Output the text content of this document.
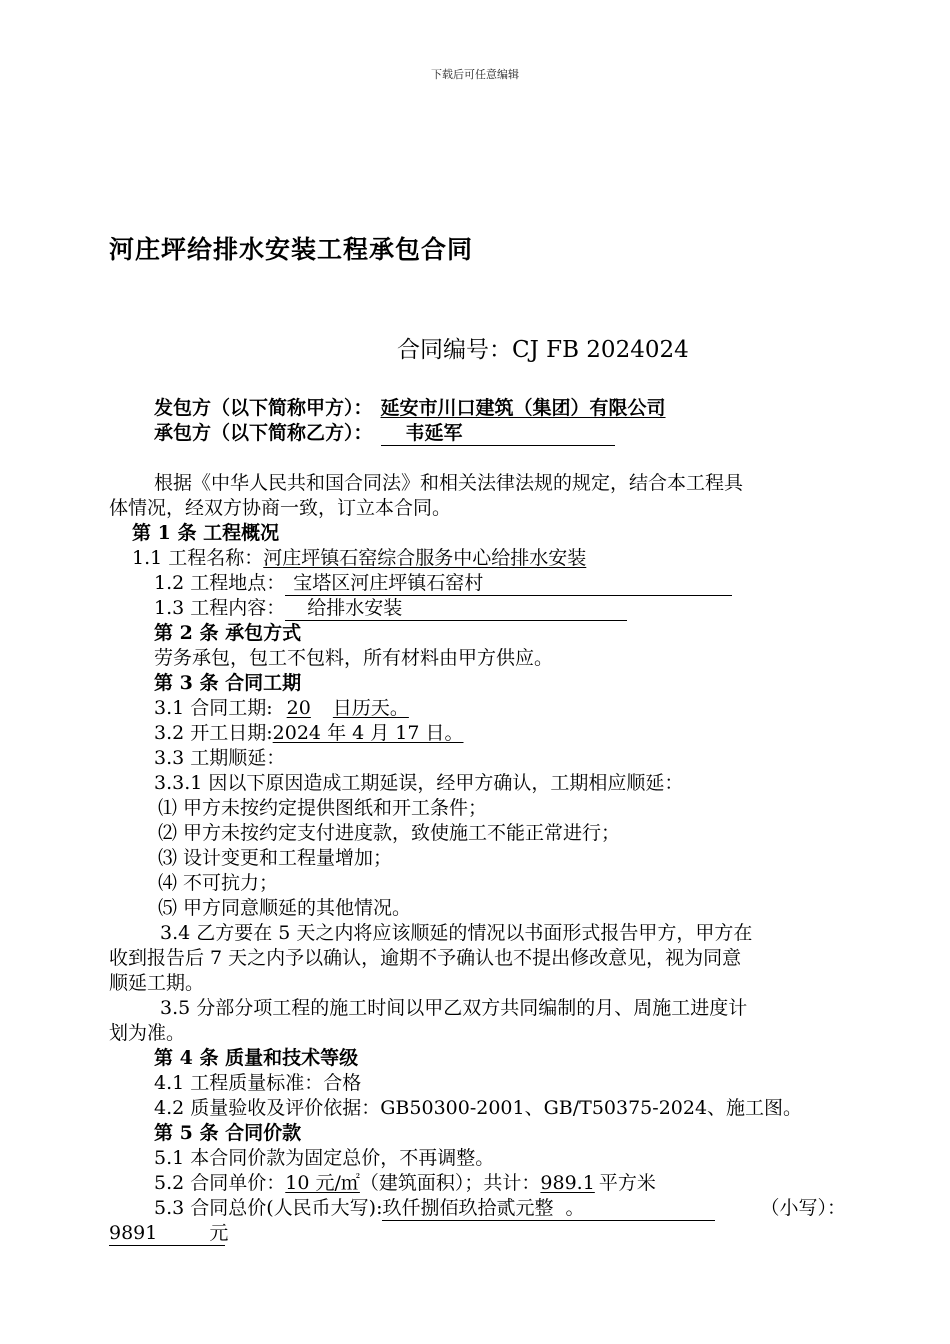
下载后可任意编辑
河庄坪给排水安装工程承包合同
合同编号：CJ FB 2024024
发包方（以下简称甲方）： 延安市川口建筑（集团）有限公司
承包方（以下简称乙方）： 韦延军
根据《中华人民共和国合同法》和相关法律法规的规定，结合本工程具
体情况，经双方协商一致，订立本合同。
第 1 条 工程概况
1.1 工程名称：河庄坪镇石窑综合服务中心给排水安装
1.2 工程地点： 宝塔区河庄坪镇石窑村
1.3 工程内容： 给排水安装
第 2 条 承包方式
劳务承包，包工不包料，所有材料由甲方供应。
第 3 条 合同工期
3.1 合同工期: 20 日历天。
3.2 开工日期:2024 年 4 月 17 日。
3.3 工期顺延：
3.3.1 因以下原因造成工期延误，经甲方确认，工期相应顺延：
⑴ 甲方未按约定提供图纸和开工条件；
⑵ 甲方未按约定支付进度款，致使施工不能正常进行；
⑶ 设计变更和工程量增加；
⑷ 不可抗力；
⑸ 甲方同意顺延的其他情况。
3.4 乙方要在 5 天之内将应该顺延的情况以书面形式报告甲方，甲方在
收到报告后 7 天之内予以确认，逾期不予确认也不提出修改意见，视为同意
顺延工期。
3.5 分部分项工程的施工时间以甲乙双方共同编制的月、周施工进度计
划为准。
第 4 条 质量和技术等级
4.1 工程质量标准：合格
4.2 质量验收及评价依据：GB50300-2001、GB/T50375-2024、施工图。
第 5 条 合同价款
5.1 本合同价款为固定总价，不再调整。
5.2 合同单价：10 元/㎡（建筑面积）；共计：989.1 平方米
5.3 合同总价(人民币大写):玖仟捌佰玖拾贰元整 。	（小写）：
9891	元
